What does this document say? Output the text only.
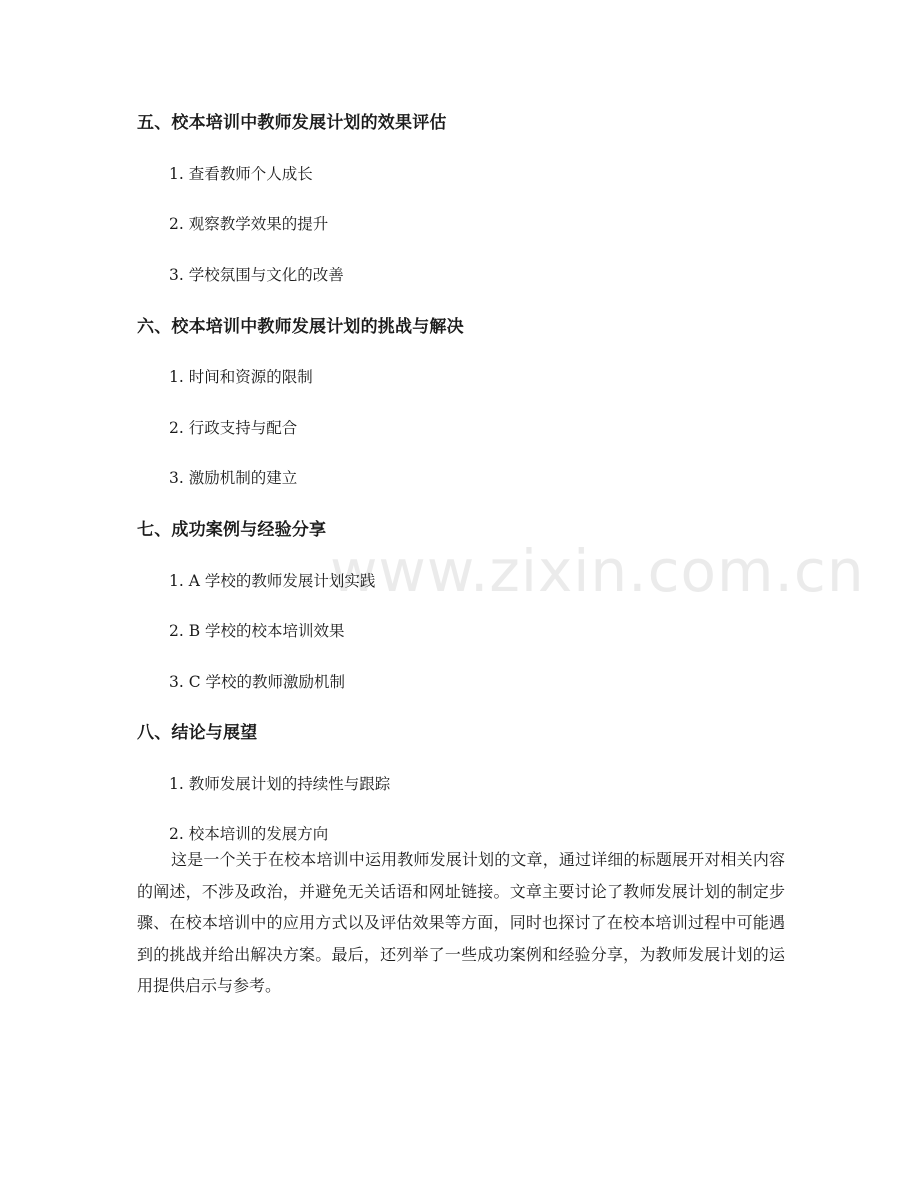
www.zixin.com.cn
五、校本培训中教师发展计划的效果评估
1. 查看教师个人成长
2. 观察教学效果的提升
3. 学校氛围与文化的改善
六、校本培训中教师发展计划的挑战与解决
1. 时间和资源的限制
2. 行政支持与配合
3. 激励机制的建立
七、成功案例与经验分享
1. A 学校的教师发展计划实践
2. B 学校的校本培训效果
3. C 学校的教师激励机制
八、结论与展望
1. 教师发展计划的持续性与跟踪
2. 校本培训的发展方向

这是一个关于在校本培训中运用教师发展计划的文章，通过详细的标题展开对相关内容的阐述，不涉及政治，并避免无关话语和网址链接。文章主要讨论了教师发展计划的制定步骤、在校本培训中的应用方式以及评估效果等方面，同时也探讨了在校本培训过程中可能遇到的挑战并给出解决方案。最后，还列举了一些成功案例和经验分享，为教师发展计划的运用提供启示与参考。
